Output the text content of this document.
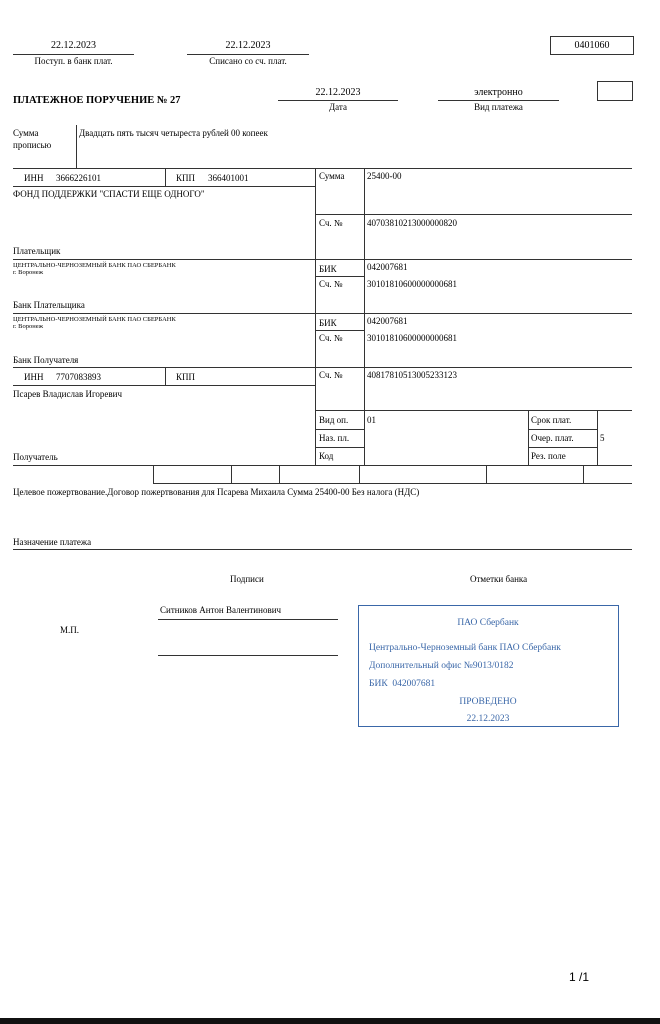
22.12.2023
Поступ. в банк плат.
22.12.2023
Списано со сч. плат.
0401060
ПЛАТЕЖНОЕ ПОРУЧЕНИЕ № 27
22.12.2023
Дата
электронно
Вид платежа
Сумма прописью
Двадцать пять тысяч четыреста рублей 00 копеек
ИНН 3666226101	КПП 366401001
ФОНД ПОДДЕРЖКИ "СПАСТИ ЕЩЕ ОДНОГО"
Плательщик
Сумма	25400-00
Сч. №	40703810213000000820
ЦЕНТРАЛЬНО-ЧЕРНОЗЕМНЫЙ БАНК ПАО СБЕРБАНК
г. Воронеж
Банк Плательщика
БИК	042007681
Сч. №	30101810600000000681
ЦЕНТРАЛЬНО-ЧЕРНОЗЕМНЫЙ БАНК ПАО СБЕРБАНК
г. Воронеж
Банк Получателя
БИК	042007681
Сч. №	30101810600000000681
ИНН 7707083893	КПП	Сч. №	40817810513005233123
Псарев Владислав Игоревич
Получатель
Вид оп. 01
Наз. пл.
Код
Срок плат.
Очер. плат.	5
Рез. поле
Целевое пожертвование.Договор пожертвования для Псарева Михаила Сумма 25400-00 Без налога (НДС)
Назначение платежа
Подписи	Отметки банка
Ситников Антон Валентинович
М.П.
ПАО Сбербанк
Центрально-Черноземный банк ПАО Сбербанк
Дополнительный офис №9013/0182
БИК 042007681
ПРОВЕДЕНО
22.12.2023
1 /1
